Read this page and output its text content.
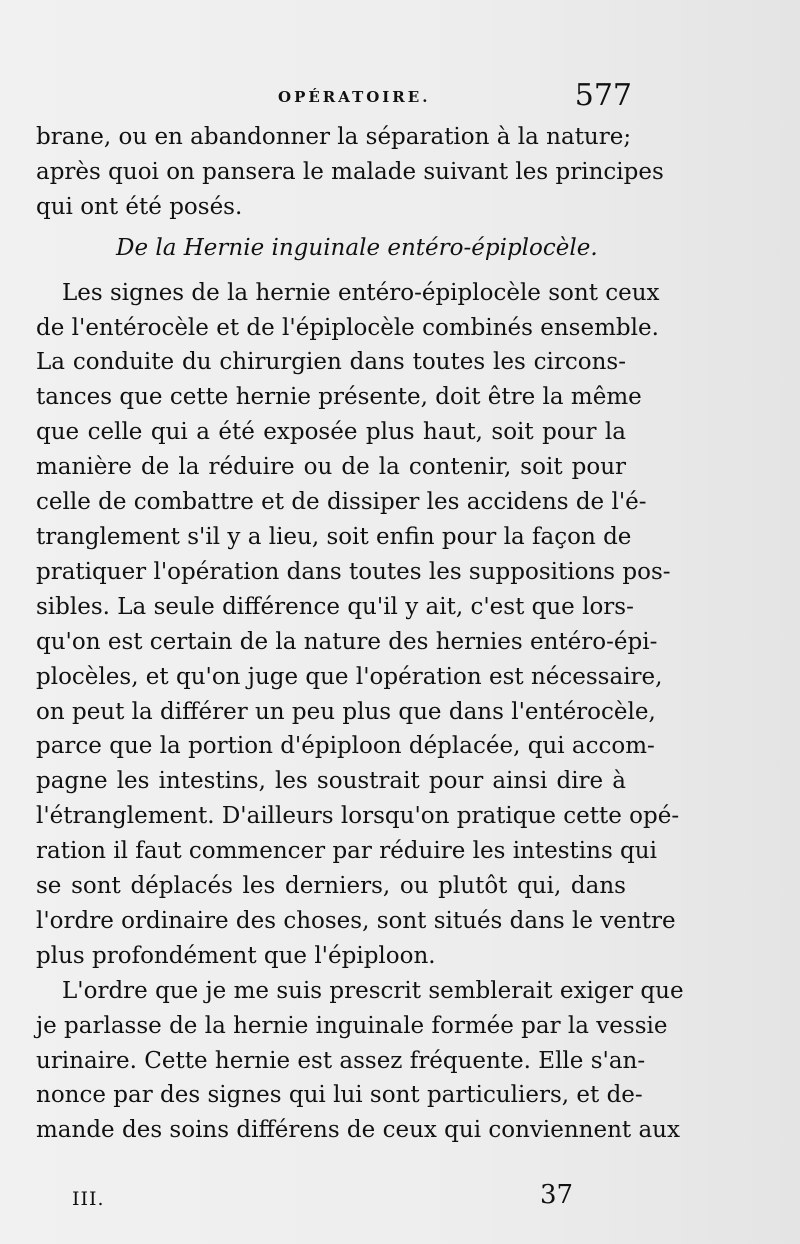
OPÉRATOIRE.	577
brane, ou en abandonner la séparation à la nature;
après quoi on pansera le malade suivant les principes
qui ont été posés.
De la Hernie inguinale entéro-épiplocèle.
Les signes de la hernie entéro-épiplocèle sont ceux
de l'entérocèle et de l'épiplocèle combinés ensemble.
La conduite du chirurgien dans toutes les circons-
tances que cette hernie présente, doit être la même
que celle qui a été exposée plus haut, soit pour la
manière de la réduire ou de la contenir, soit pour
celle de combattre et de dissiper les accidens de l'é-
tranglement s'il y a lieu, soit enfin pour la façon de
pratiquer l'opération dans toutes les suppositions pos-
sibles. La seule différence qu'il y ait, c'est que lors-
qu'on est certain de la nature des hernies entéro-épi-
plocèles, et qu'on juge que l'opération est nécessaire,
on peut la différer un peu plus que dans l'entérocèle,
parce que la portion d'épiploon déplacée, qui accom-
pagne les intestins, les soustrait pour ainsi dire à
l'étranglement. D'ailleurs lorsqu'on pratique cette opé-
ration il faut commencer par réduire les intestins qui
se sont déplacés les derniers, ou plutôt qui, dans
l'ordre ordinaire des choses, sont situés dans le ventre
plus profondément que l'épiploon.
L'ordre que je me suis prescrit semblerait exiger que
je parlasse de la hernie inguinale formée par la vessie
urinaire. Cette hernie est assez fréquente. Elle s'an-
nonce par des signes qui lui sont particuliers, et de-
mande des soins différens de ceux qui conviennent aux
III.	37
